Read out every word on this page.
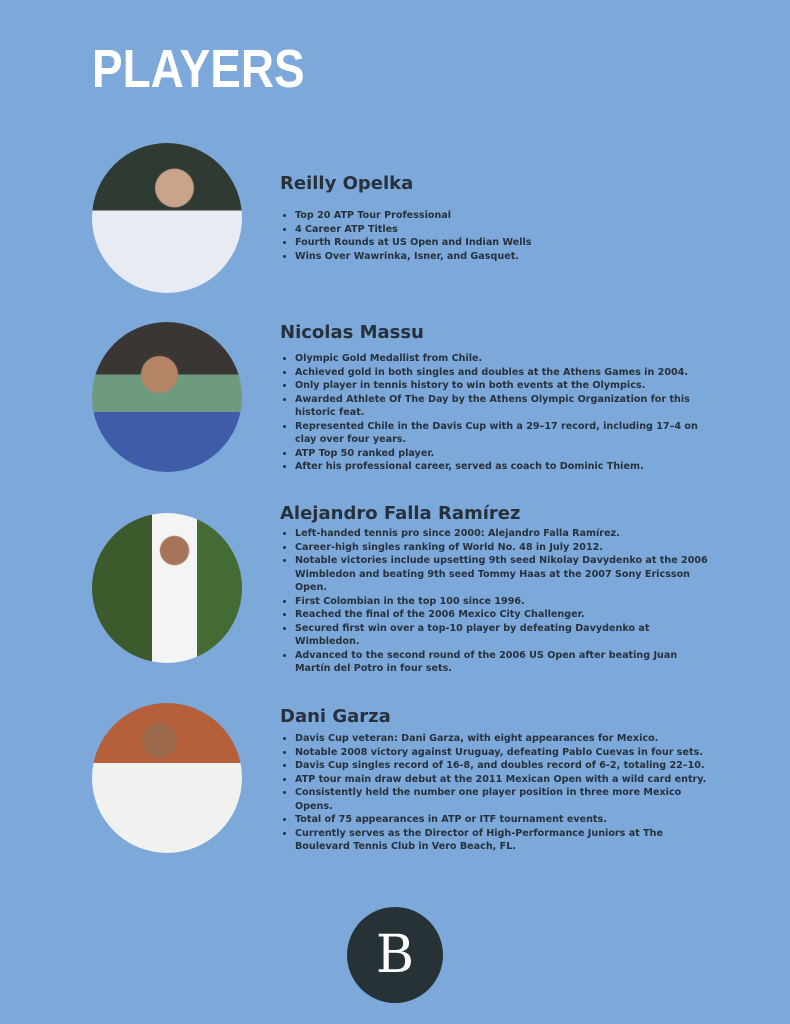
PLAYERS
Reilly Opelka
• Top 20 ATP Tour Professional
• 4 Career ATP Titles
• Fourth Rounds at US Open and Indian Wells
• Wins Over Wawrinka, Isner, and Gasquet.
Nicolas Massu
• Olympic Gold Medallist from Chile.
• Achieved gold in both singles and doubles at the Athens Games in 2004.
• Only player in tennis history to win both events at the Olympics.
• Awarded Athlete Of The Day by the Athens Olympic Organization for this historic feat.
• Represented Chile in the Davis Cup with a 29–17 record, including 17–4 on clay over four years.
• ATP Top 50 ranked player.
• After his professional career, served as coach to Dominic Thiem.
Alejandro Falla Ramírez
• Left-handed tennis pro since 2000: Alejandro Falla Ramírez.
• Career-high singles ranking of World No. 48 in July 2012.
• Notable victories include upsetting 9th seed Nikolay Davydenko at the 2006 Wimbledon and beating 9th seed Tommy Haas at the 2007 Sony Ericsson Open.
• First Colombian in the top 100 since 1996.
• Reached the final of the 2006 Mexico City Challenger.
• Secured first win over a top-10 player by defeating Davydenko at Wimbledon.
• Advanced to the second round of the 2006 US Open after beating Juan Martín del Potro in four sets.
Dani Garza
• Davis Cup veteran: Dani Garza, with eight appearances for Mexico.
• Notable 2008 victory against Uruguay, defeating Pablo Cuevas in four sets.
• Davis Cup singles record of 16-8, and doubles record of 6-2, totaling 22–10.
• ATP tour main draw debut at the 2011 Mexican Open with a wild card entry.
• Consistently held the number one player position in three more Mexico Opens.
• Total of 75 appearances in ATP or ITF tournament events.
• Currently serves as the Director of High-Performance Juniors at The Boulevard Tennis Club in Vero Beach, FL.
B
